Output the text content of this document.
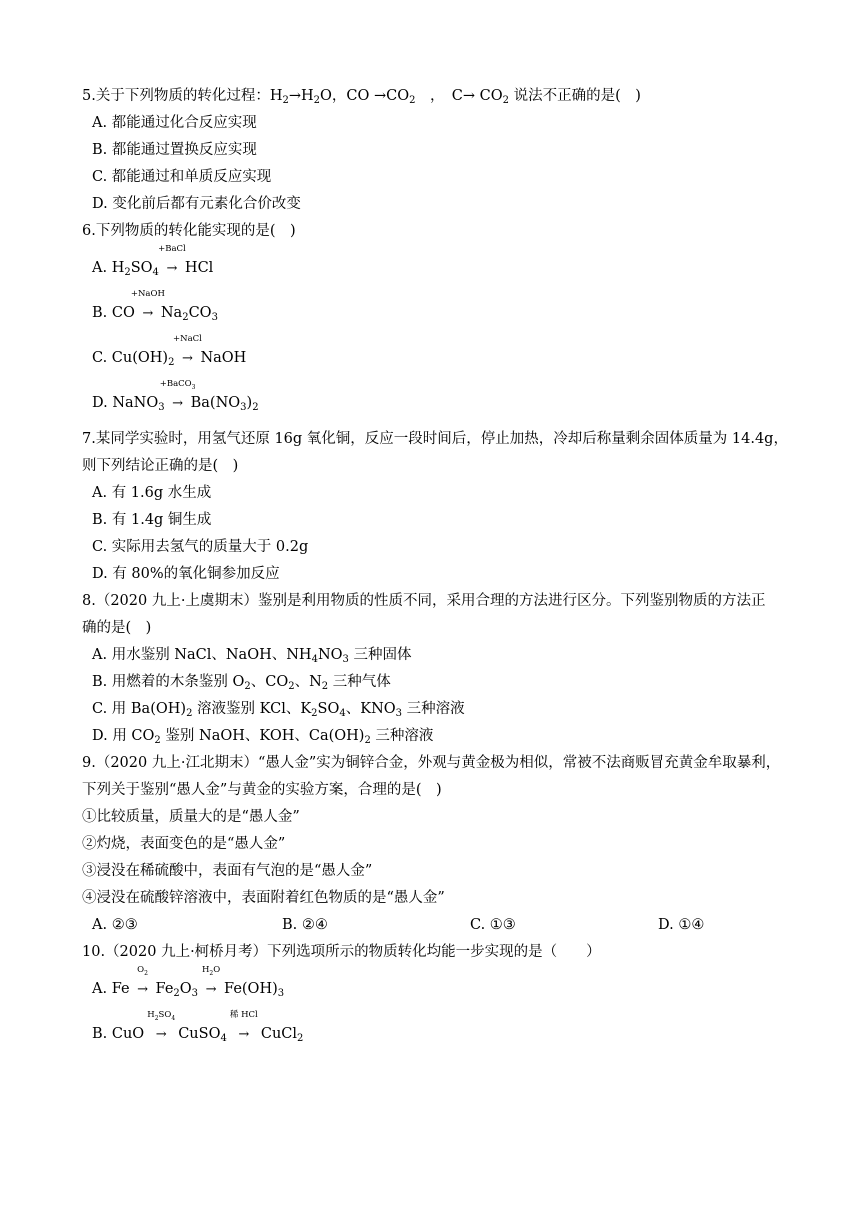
5.关于下列物质的转化过程：$H_2\to H_2O$，CO $\to CO_2$　，　$C\to CO_2$ 说法不正确的是(　)
A. 都能通过化合反应实现
B. 都能通过置换反应实现
C. 都能通过和单质反应实现
D. 变化前后都有元素化合价改变
6.下列物质的转化能实现的是(　)
A. $H_2SO_4$
+BaCl
→ HCl
B. CO
+NaOH
→ $Na_2CO_3$
C. $Cu(OH)_2$
+NaCl
→ NaOH
D. NaNO$_3$
+BaCO$_3$
→ $Ba(NO_3)_2$
7.某同学实验时，用氢气还原 16g 氧化铜，反应一段时间后，停止加热，冷却后称量剩余固体质量为 14.4g，
则下列结论正确的是(　)
A. 有 1.6g 水生成
B. 有 1.4g 铜生成
C. 实际用去氢气的质量大于 0.2g
D. 有 80%的氧化铜参加反应
8.（2020 九上·上虞期末）鉴别是利用物质的性质不同，采用合理的方法进行区分。下列鉴别物质的方法正
确的是(　)
A. 用水鉴别 NaCl、NaOH、$NH_4NO_3$ 三种固体
B. 用燃着的木条鉴别 $O_2$、$CO_2$、$N_2$ 三种气体
C. 用 $Ba(OH)_2$ 溶液鉴别 KCl、$K_2SO_4$、$KNO_3$ 三种溶液
D. 用 $CO_2$ 鉴别 NaOH、KOH、$Ca(OH)_2$ 三种溶液
9.（2020 九上·江北期末）“愚人金”实为铜锌合金，外观与黄金极为相似，常被不法商贩冒充黄金牟取暴利，
下列关于鉴别“愚人金”与黄金的实验方案，合理的是(　)
①比较质量，质量大的是“愚人金”
②灼烧，表面变色的是“愚人金”
③浸没在稀硫酸中，表面有气泡的是“愚人金”
④浸没在硫酸锌溶液中，表面附着红色物质的是“愚人金”
A. ②③	B. ②④	C. ①③	D. ①④
10.（2020 九上·柯桥月考）下列选项所示的物质转化均能一步实现的是（　　）
A. Fe
$O_2$
→ $Fe_2O_3$
$H_2O$
→ $Fe(OH)_3$
B. CuO
$H_2SO_4$
→ CuSO$_4$
稀 HCl
→ CuCl$_2$
